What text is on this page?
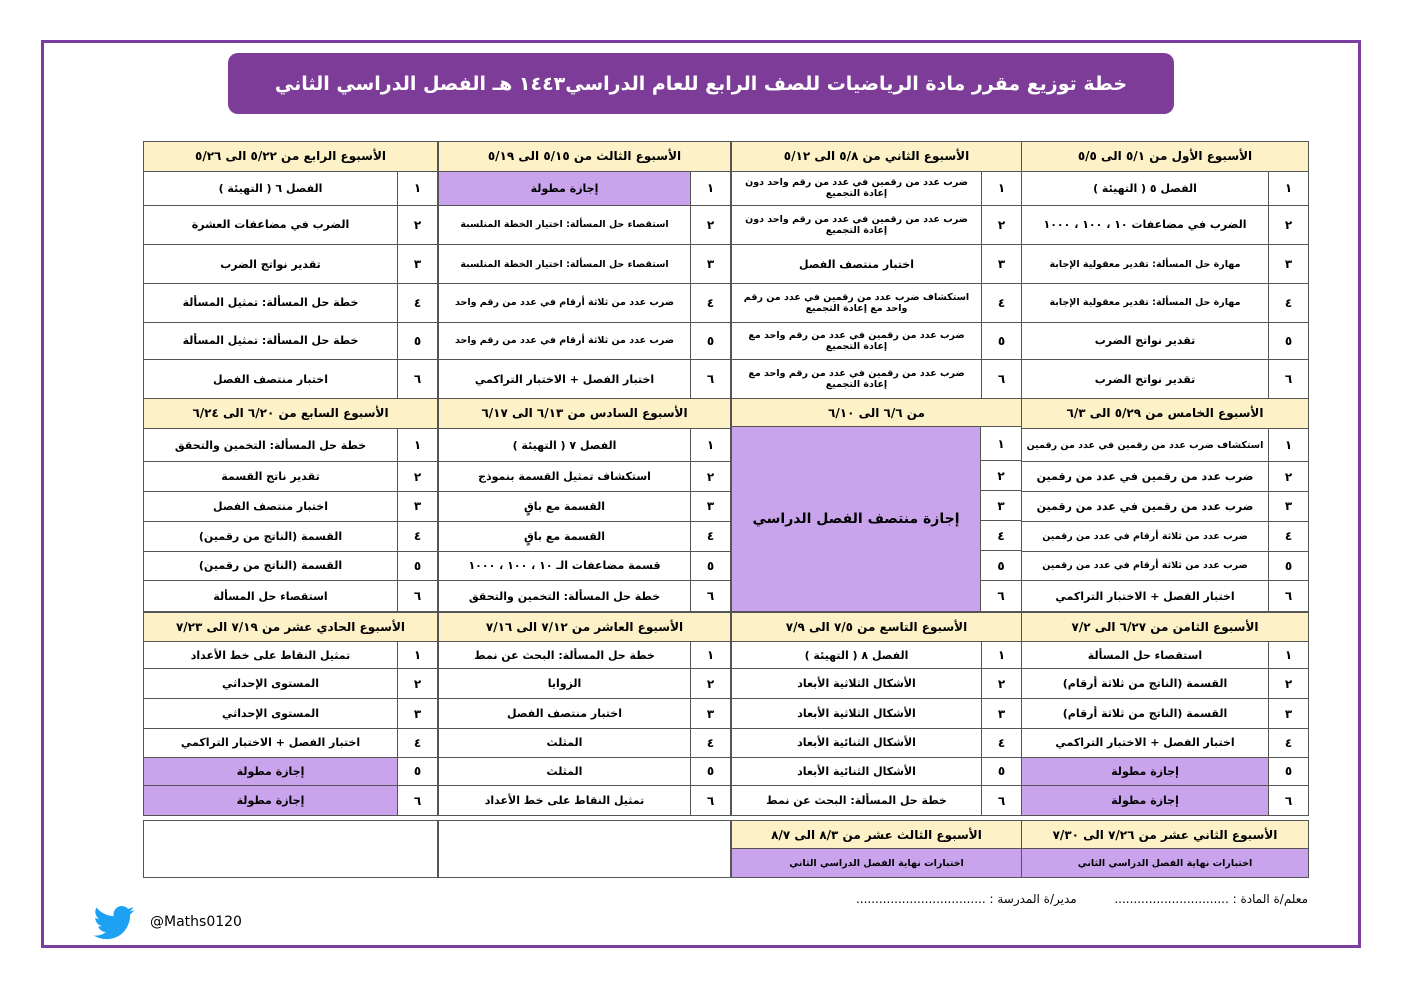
خطة توزيع مقرر مادة الرياضيات للصف الرابع للعام الدراسي١٤٤٣ هـ الفصل الدراسي الثاني
الأسبوع الأول من ٥/١ الى ٥/٥
١
الفصل ٥ ( التهيئة )
٢
الضرب في مضاعفات ١٠ ، ١٠٠ ، ١٠٠٠
٣
مهارة حل المسألة: تقدير معقولية الإجابة
٤
مهارة حل المسألة: تقدير معقولية الإجابة
٥
تقدير نواتج الضرب
٦
تقدير نواتج الضرب
الأسبوع الثاني من ٥/٨ الى ٥/١٢
١
ضرب عدد من رقمين في عدد من رقم واحد دون إعادة التجميع
٢
ضرب عدد من رقمين في عدد من رقم واحد دون إعادة التجميع
٣
اختبار منتصف الفصل
٤
استكشاف ضرب عدد من رقمين في عدد من رقم واحد مع إعادة التجميع
٥
ضرب عدد من رقمين في عدد من رقم واحد مع إعادة التجميع
٦
ضرب عدد من رقمين في عدد من رقم واحد مع إعادة التجميع
الأسبوع الثالث من ٥/١٥ الى ٥/١٩
١
إجازة مطولة
٢
استقصاء حل المسألة: اختيار الخطة المنلسبة
٣
استقصاء حل المسألة: اختيار الخطة المنلسبة
٤
ضرب عدد من ثلاثة أرقام في عدد من رقم واحد
٥
ضرب عدد من ثلاثة أرقام في عدد من رقم واحد
٦
اختبار الفصل + الاختبار التراكمي
الأسبوع الرابع من ٥/٢٢ الى ٥/٢٦
١
الفصل ٦ ( التهيئة )
٢
الضرب في مضاعفات العشرة
٣
تقدير نواتج الضرب
٤
خطة حل المسألة: تمثيل المسألة
٥
خطة حل المسألة: تمثيل المسألة
٦
اختبار منتصف الفصل
الأسبوع الخامس من ٥/٢٩ الى ٦/٣
١
استكشاف ضرب عدد من رقمين في عدد من رقمين
٢
ضرب عدد من رقمين في عدد من رقمين
٣
ضرب عدد من رقمين في عدد من رقمين
٤
ضرب عدد من ثلاثة أرقام في عدد من رقمين
٥
ضرب عدد من ثلاثة أرقام في عدد من رقمين
٦
اختبار الفصل + الاختبار التراكمي
من ٦/٦ الى ٦/١٠
١
٢
٣
٤
٥
٦
إجازة منتصف الفصل الدراسي
الأسبوع السادس من ٦/١٣ الى ٦/١٧
١
الفصل ٧ ( التهيئة )
٢
استكشاف تمثيل القسمة بنموذج
٣
القسمة مع باقٍ
٤
القسمة مع باقٍ
٥
قسمة مضاعفات الـ ١٠ ، ١٠٠ ، ١٠٠٠
٦
خطة حل المسألة: التخمين والتحقق
الأسبوع السابع من ٦/٢٠ الى ٦/٢٤
١
خطة حل المسألة: التخمين والتحقق
٢
تقدير ناتج القسمة
٣
اختبار منتصف الفصل
٤
القسمة (الناتج من رقمين)
٥
القسمة (الناتج من رقمين)
٦
استقصاء حل المسألة
الأسبوع الثامن من ٦/٢٧ الى ٧/٢
١
استقصاء حل المسألة
٢
القسمة (الناتج من ثلاثة أرقام)
٣
القسمة (الناتج من ثلاثة أرقام)
٤
اختبار الفصل + الاختبار التراكمي
٥
إجازة مطولة
٦
إجازة مطولة
الأسبوع التاسع من ٧/٥ الى ٧/٩
١
الفصل ٨ ( التهيئة )
٢
الأشكال الثلاثية الأبعاد
٣
الأشكال الثلاثية الأبعاد
٤
الأشكال الثنائية الأبعاد
٥
الأشكال الثنائية الأبعاد
٦
خطة حل المسألة: البحث عن نمط
الأسبوع العاشر من ٧/١٢ الى ٧/١٦
١
خطة حل المسألة: البحث عن نمط
٢
الزوايا
٣
اختبار منتصف الفصل
٤
المثلث
٥
المثلث
٦
تمثيل النقاط على خط الأعداد
الأسبوع الحادي عشر من ٧/١٩ الى ٧/٢٣
١
تمثيل النقاط على خط الأعداد
٢
المستوى الإحداثي
٣
المستوى الإحداثي
٤
اختبار الفصل + الاختبار التراكمي
٥
إجازة مطولة
٦
إجازة مطولة
الأسبوع الثاني عشر من ٧/٢٦ الى ٧/٣٠
اختبارات نهاية الفصل الدراسي الثاني
الأسبوع الثالث عشر من ٨/٣ الى ٨/٧
اختبارات نهاية الفصل الدراسي الثاني
معلم/ة المادة : ..............................  مدير/ة المدرسة : ..................................
@Maths0120
